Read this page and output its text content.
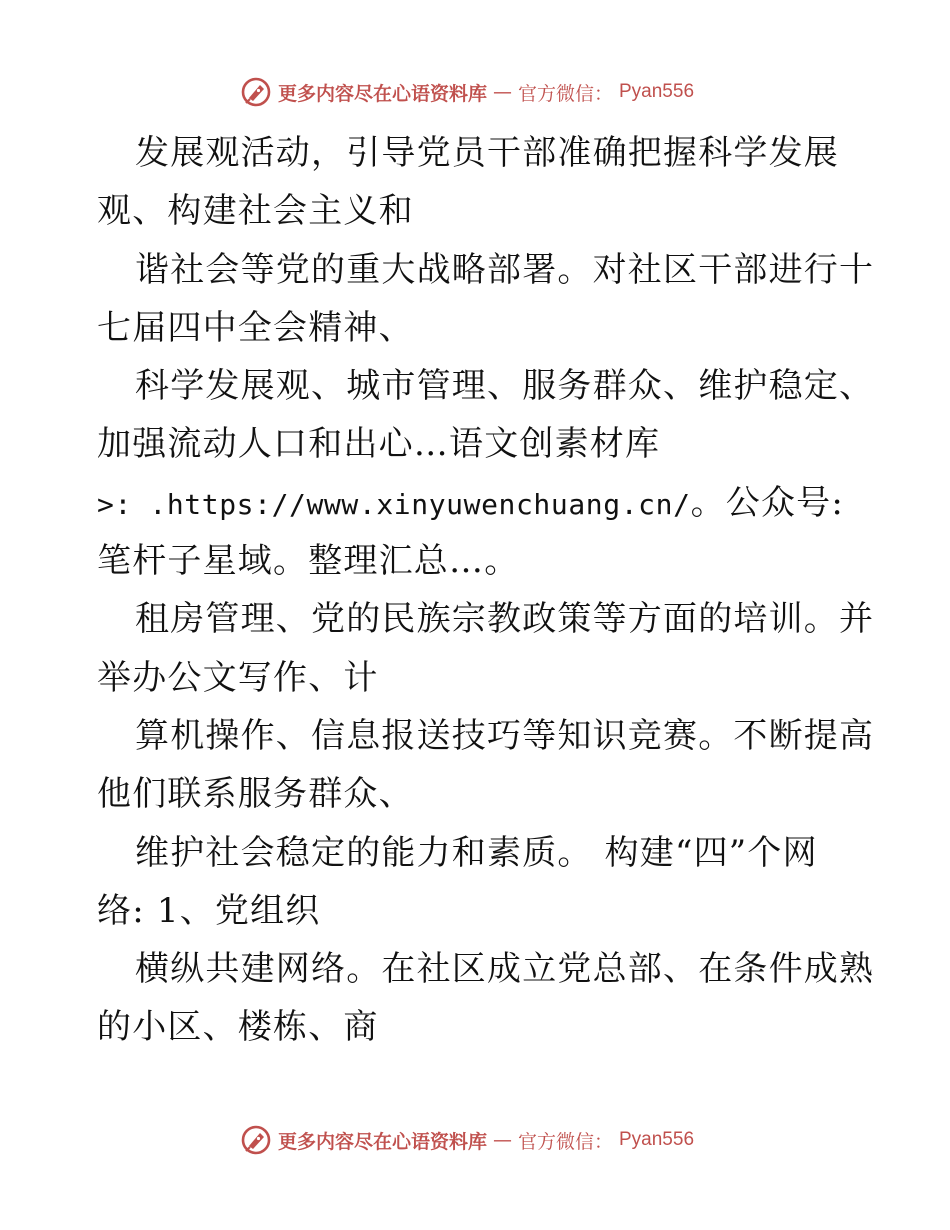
更多内容尽在心语资料库 — 官方微信： Pyan556
发展观活动，引导党员干部准确把握科学发展
观、构建社会主义和
谐社会等党的重大战略部署。对社区干部进行十
七届四中全会精神、
科学发展观、城市管理、服务群众、维护稳定、
加强流动人口和出心…语文创素材库
>: .https://www.xinyuwenchuang.cn/。公众号:
笔杆子星域。整理汇总…。
租房管理、党的民族宗教政策等方面的培训。并
举办公文写作、计
算机操作、信息报送技巧等知识竞赛。不断提高
他们联系服务群众、
维护社会稳定的能力和素质。 构建“四”个网
络: 1、党组织
横纵共建网络。在社区成立党总部、在条件成熟
的小区、楼栋、商
更多内容尽在心语资料库 — 官方微信： Pyan556
